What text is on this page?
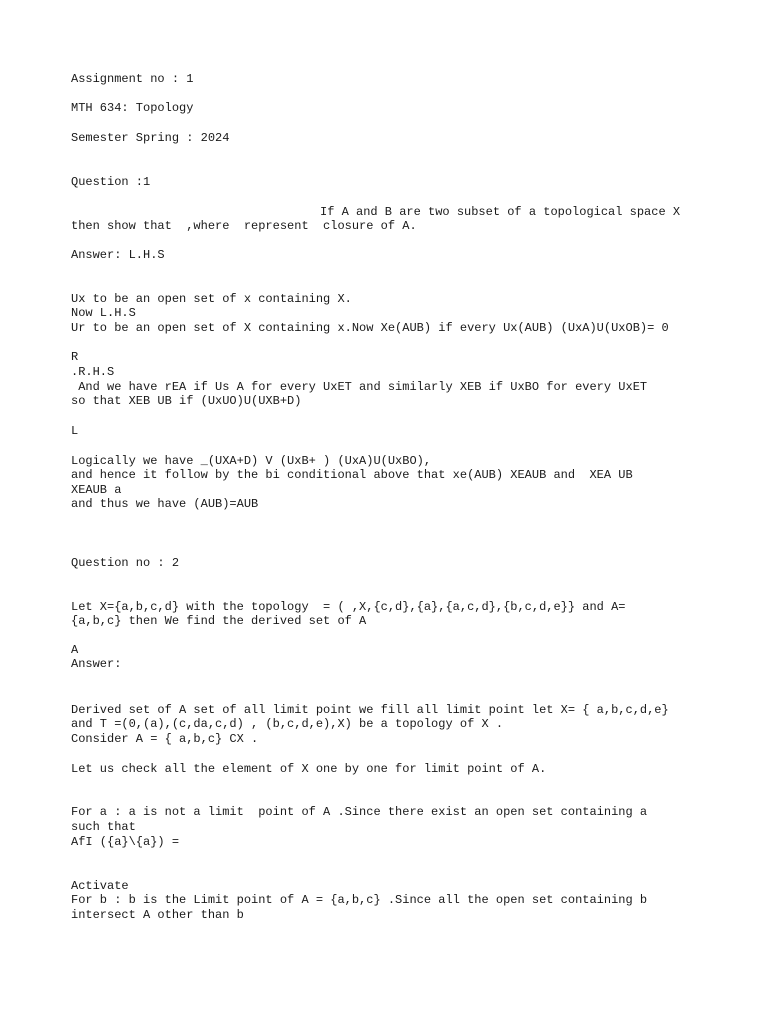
Assignment no : 1
MTH 634: Topology
Semester Spring : 2024
Question :1
If A and B are two subset of a topological space X
then show that  ,where  represent  closure of A.
Answer: L.H.S
Ux to be an open set of x containing X.
Now L.H.S
Ur to be an open set of X containing x.Now Xe(AUB) if every Ux(AUB) (UxA)U(UxOB)= 0
R
.R.H.S
And we have rEA if Us A for every UxET and similarly XEB if UxBO for every UxET
so that XEB UB if (UxUO)U(UXB+D)
L
Logically we have _(UXA+D) V (UxB+ ) (UxA)U(UxBO),
and hence it follow by the bi conditional above that xe(AUB) XEAUB and  XEA UB
XEAUB a
and thus we have (AUB)=AUB
Question no : 2
Let X={a,b,c,d} with the topology  = ( ,X,{c,d},{a},{a,c,d},{b,c,d,e}} and A=
{a,b,c} then We find the derived set of A
A
Answer:
Derived set of A set of all limit point we fill all limit point let X= { a,b,c,d,e}
and T =(0,(a),(c,da,c,d) , (b,c,d,e),X) be a topology of X .
Consider A = { a,b,c} CX .
Let us check all the element of X one by one for limit point of A.
For a : a is not a limit  point of A .Since there exist an open set containing a
such that
AfI ({a}\{a}) =
Activate
For b : b is the Limit point of A = {a,b,c} .Since all the open set containing b
intersect A other than b
